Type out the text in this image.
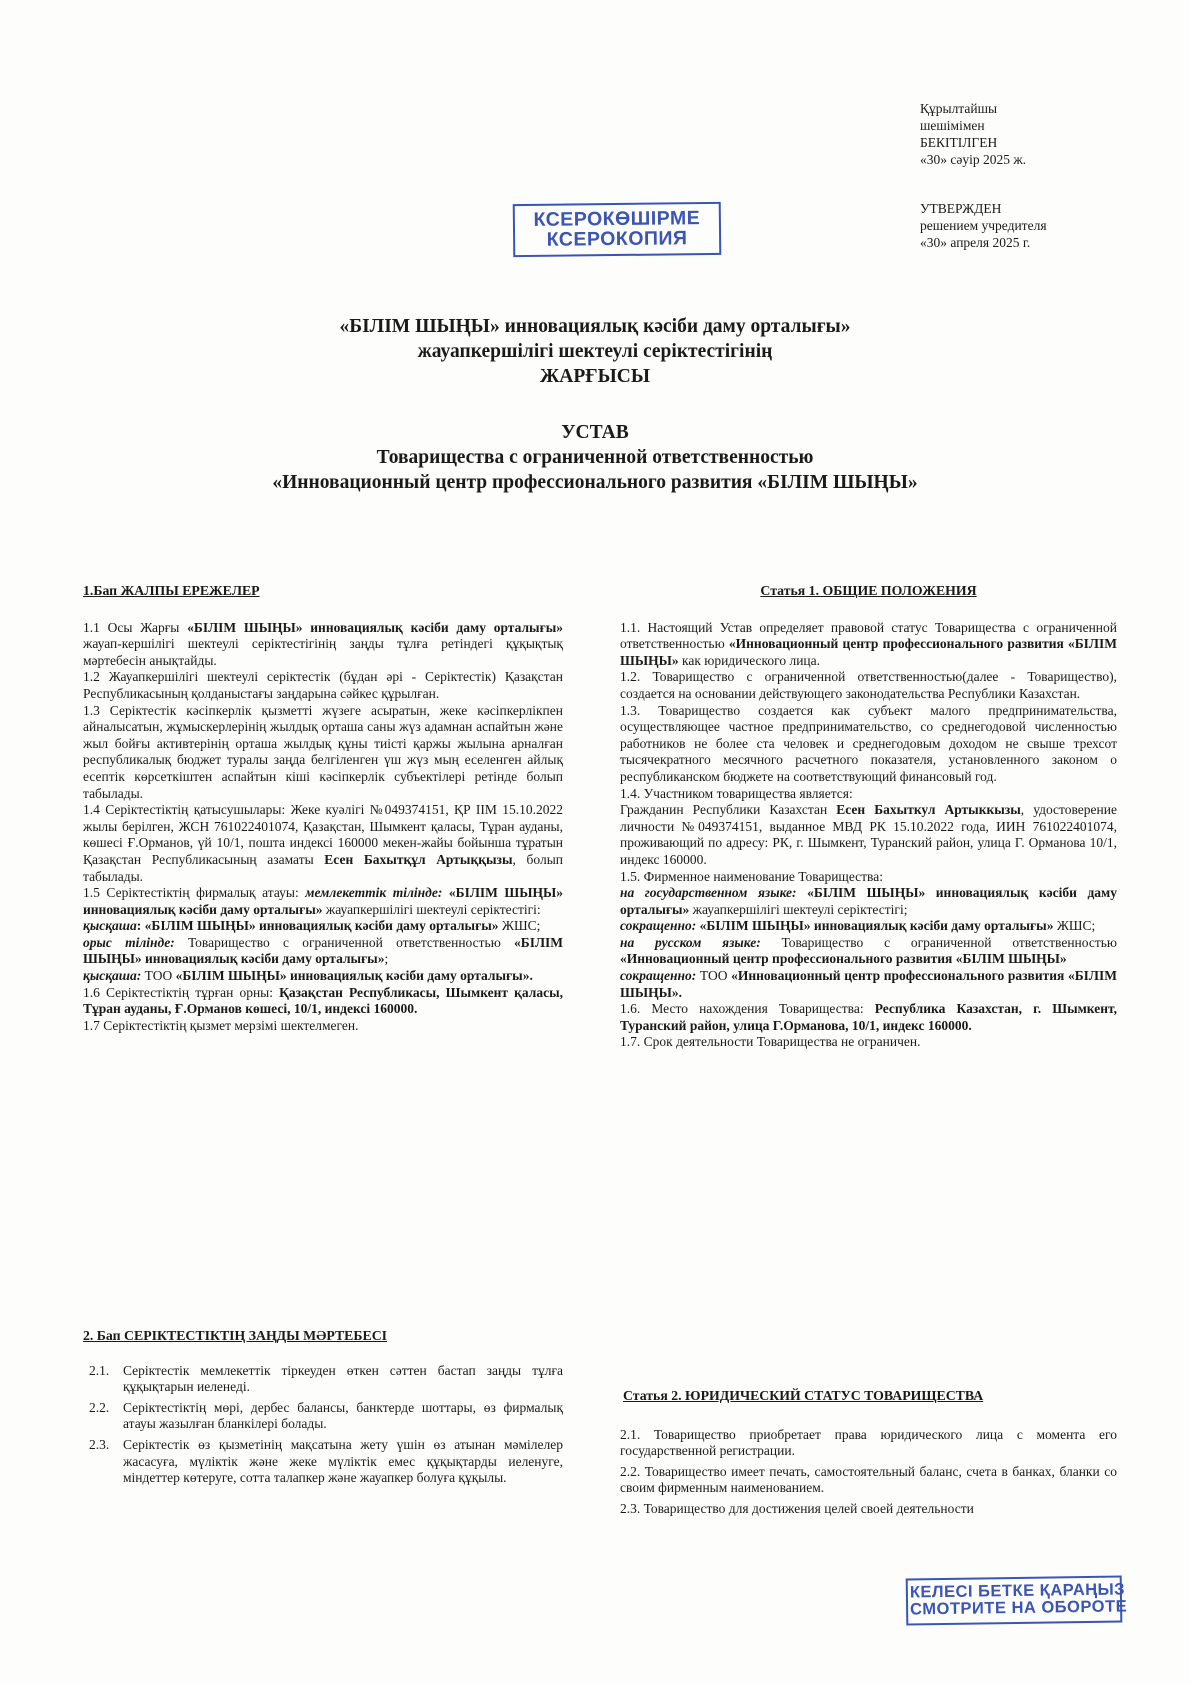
Құрылтайшы
шешімімен
БЕКІТІЛГЕН
«30» сәуір 2025 ж.
УТВЕРЖДЕН
решением учредителя
«30» апреля 2025 г.
КСЕРОКӨШІРМЕ
КСЕРОКОПИЯ
«БІЛІМ ШЫҢЫ» инновациялық кәсіби даму орталығы»
жауапкершілігі шектеулі серіктестігінің
ЖАРҒЫСЫ
УСТАВ
Товарищества с ограниченной ответственностью
«Инновационный центр профессионального развития «БІЛІМ ШЫҢЫ»
1.Бап ЖАЛПЫ ЕРЕЖЕЛЕР

1.1 Осы Жарғы «БІЛІМ ШЫҢЫ» инновациялық кәсіби даму орталығы» жауап-кершілігі шектеулі серіктестігінің заңды тұлға ретіндегі құқықтық мәртебесін анықтайды.

1.2 Жауапкершілігі шектеулі серіктестік (бұдан әрі - Серіктестік) Қазақстан Республикасының қолданыстағы заңдарына сәйкес құрылған.

1.3 Серіктестік кәсіпкерлік қызметті жүзеге асыратын, жеке кәсіпкерлікпен айналысатын, жұмыскерлерінің жылдық орташа саны жүз адамнан аспайтын және жыл бойғы активтерінің орташа жылдық құны тиісті қаржы жылына арналған республикалық бюджет туралы заңда белгіленген үш жүз мың еселенген айлық есептік көрсеткіштен аспайтын кіші кәсіпкерлік субъектілері ретінде болып табылады.

1.4 Серіктестіктің қатысушылары: Жеке куәлігі №049374151, ҚР ІІМ 15.10.2022 жылы берілген, ЖСН 761022401074, Қазақстан, Шымкент қаласы, Тұран ауданы, көшесі Ғ.Орманов, үй 10/1, пошта индексі 160000 мекен-жайы бойынша тұратын Қазақстан Республикасының азаматы Есен Бахытқұл Артыққызы, болып табылады.

1.5 Серіктестіктің фирмалық атауы: мемлекеттік тілінде: «БІЛІМ ШЫҢЫ» инновациялық кәсіби даму орталығы» жауапкершілігі шектеулі серіктестігі:
қысқаша: «БІЛІМ ШЫҢЫ» инновациялық кәсіби даму орталығы» ЖШС;
орыс тілінде: Товарищество с ограниченной ответственностью «БІЛІМ ШЫҢЫ» инновациялық кәсіби даму орталығы»;
қысқаша: ТОО «БІЛІМ ШЫҢЫ» инновациялық кәсіби даму орталығы».

1.6 Серіктестіктің тұрған орны: Қазақстан Республикасы, Шымкент қаласы, Тұран ауданы, Ғ.Орманов көшесі, 10/1, индексі 160000.

1.7 Серіктестіктің қызмет мерзімі шектелмеген.

2. Бап СЕРІКТЕСТІКТІҢ ЗАҢДЫ МӘРТЕБЕСІ
2.1.	Серіктестік мемлекеттік тіркеуден өткен сәттен бастап заңды тұлға құқықтарын иеленеді.
2.2.	Серіктестіктің мөрі, дербес балансы, банктерде шоттары, өз фирмалық атауы жазылған бланкілері болады.
2.3.	Серіктестік өз қызметінің мақсатына жету үшін өз атынан мәмілелер жасасуға, мүліктік және жеке мүліктік емес құқықтарды иеленуге, міндеттер көтеруге, сотта талапкер және жауапкер болуға құқылы.
Статья 1. ОБЩИЕ ПОЛОЖЕНИЯ

1.1. Настоящий Устав определяет правовой статус Товарищества с ограниченной ответственностью «Инновационный центр профессионального развития «БІЛІМ ШЫҢЫ» как юридического лица.

1.2. Товарищество с ограниченной ответственностью(далее - Товарищество), создается на основании действующего законодательства Республики Казахстан.

1.3. Товарищество создается как субъект малого предпринимательства, осуществляющее частное предпринимательство, со среднегодовой численностью работников не более ста человек и среднегодовым доходом не свыше трехсот тысячекратного месячного расчетного показателя, установленного законом о республиканском бюджете на соответствующий финансовый год.

1.4. Участником товарищества является:

Гражданин Республики Казахстан Есен Бахыткул Артыккызы, удостоверение личности №049374151, выданное МВД РК 15.10.2022 года, ИИН 761022401074, проживающий по адресу: РК, г. Шымкент, Туранский район, улица Г. Орманова 10/1, индекс 160000.

1.5. Фирменное наименование Товарищества:

на государственном языке: «БІЛІМ ШЫҢЫ» инновациялық кәсіби даму орталығы» жауапкершілігі шектеулі серіктестігі;

сокращенно: «БІЛІМ ШЫҢЫ» инновациялық кәсіби даму орталығы» ЖШС;

на русском языке: Товарищество с ограниченной ответственностью «Инновационный центр профессионального развития «БІЛІМ ШЫҢЫ»

сокращенно: ТОО «Инновационный центр профессионального развития «БІЛІМ ШЫҢЫ».

1.6. Место нахождения Товарищества: Республика Казахстан, г. Шымкент, Туранский район, улица Г.Орманова, 10/1, индекс 160000.

1.7. Срок деятельности Товарищества не ограничен.

Статья 2. ЮРИДИЧЕСКИЙ СТАТУС ТОВАРИЩЕСТВА

2.1. Товарищество приобретает права юридического лица с момента его государственной регистрации.

2.2. Товарищество имеет печать, самостоятельный баланс, счета в банках, бланки со своим фирменным наименованием.

2.3. Товарищество для достижения целей своей деятельности

КЕЛЕСІ БЕТКЕ ҚАРАҢЫЗ
СМОТРИТЕ НА ОБОРОТЕ
